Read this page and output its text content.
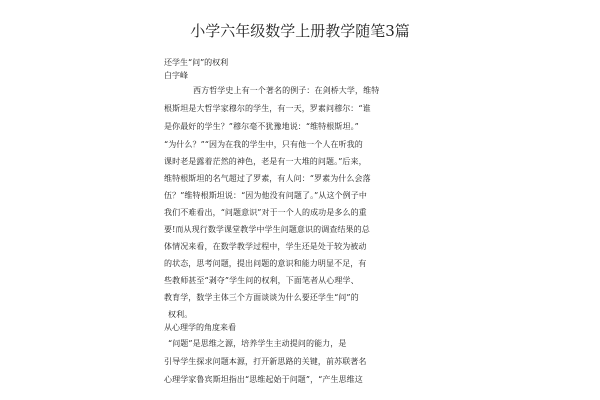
小学六年级数学上册教学随笔3篇
还学生“问”的权利
白字峰
西方哲学史上有一个著名的例子：在剑桥大学，维特
根斯坦是大哲学家穆尔的学生，有一天，罗素问穆尔：“谁
是你最好的学生？”穆尔毫不犹豫地说：“维特根斯坦。”
“为什么？”“因为在我的学生中，只有他一个人在听我的
课时老是露着茫然的神色，老是有一大堆的问题。”后来，
维特根斯坦的名气超过了罗素，有人问：“罗素为什么会落
伍？”维特根斯坦说：“因为他没有问题了。”从这个例子中
我们不难看出，“问题意识”对于一个人的成功是多么的重
要!而从现行数学课堂教学中学生问题意识的调查结果的总
体情况来看，在数学教学过程中，学生还是处于较为被动
的状态，思考问题，提出问题的意识和能力明显不足，有
些教师甚至“剥夺”学生问的权利，下面笔者从心理学、
教育学，数学主体三个方面谈谈为什么要还学生“问”的
权利。
从心理学的角度来看
“问题”是思维之源，培养学生主动提问的能力，是
引导学生探求问题本源，打开新思路的关键，前苏联著名
心理学家鲁宾斯坦指出“思维起始于问题”，“产生思维这
